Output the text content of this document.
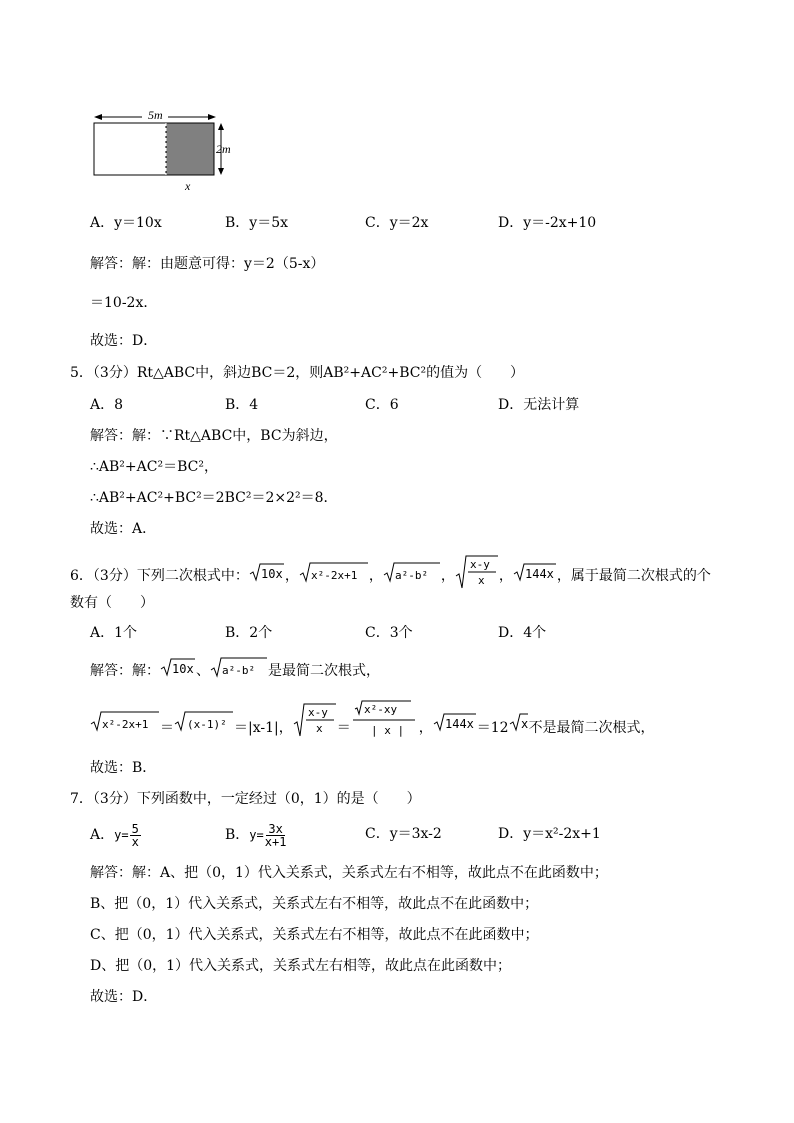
5m
2m
x
A．y＝10x	B．y＝5x	C．y＝2x	D．y＝-2x+10
解答：解：由题意可得：y＝2（5-x）
＝10-2x．
故选：D．
5．（3分）Rt△ABC中，斜边BC＝2，则AB²+AC²+BC²的值为（　　）
A．8	B．4	C．6	D．无法计算
解答：解：∵Rt△ABC中，BC为斜边，
∴AB²+AC²＝BC²，
∴AB²+AC²+BC²＝2BC²＝2×2²＝8．
故选：A．
6．（3分）下列二次根式中： 10x ， x²-2x+1 ， a²-b² ，
x-y
x ， 144x ，属于最简二次根式的个
数有（　　）
A．1个	B．2个	C．3个	D．4个
解答：解： 10x 、 a²-b² 是最简二次根式，
x²-2x+1 ＝ (x-1)² ＝|x-1|，
x-y
x ＝
x²-xy
| x | ， 144x ＝12 x 不是最简二次根式，
故选：B．
7．（3分）下列函数中，一定经过（0，1）的是（　　）
A．$y= \frac{5}{x}$	B．$y= \frac{3x}{x+1}$	C．y＝3x-2	D．y＝x²-2x+1
解答：解：A、把（0，1）代入关系式，关系式左右不相等，故此点不在此函数中；
B、把（0，1）代入关系式，关系式左右不相等，故此点不在此函数中；
C、把（0，1）代入关系式，关系式左右不相等，故此点不在此函数中；
D、把（0，1）代入关系式，关系式左右相等，故此点在此函数中；
故选：D．
